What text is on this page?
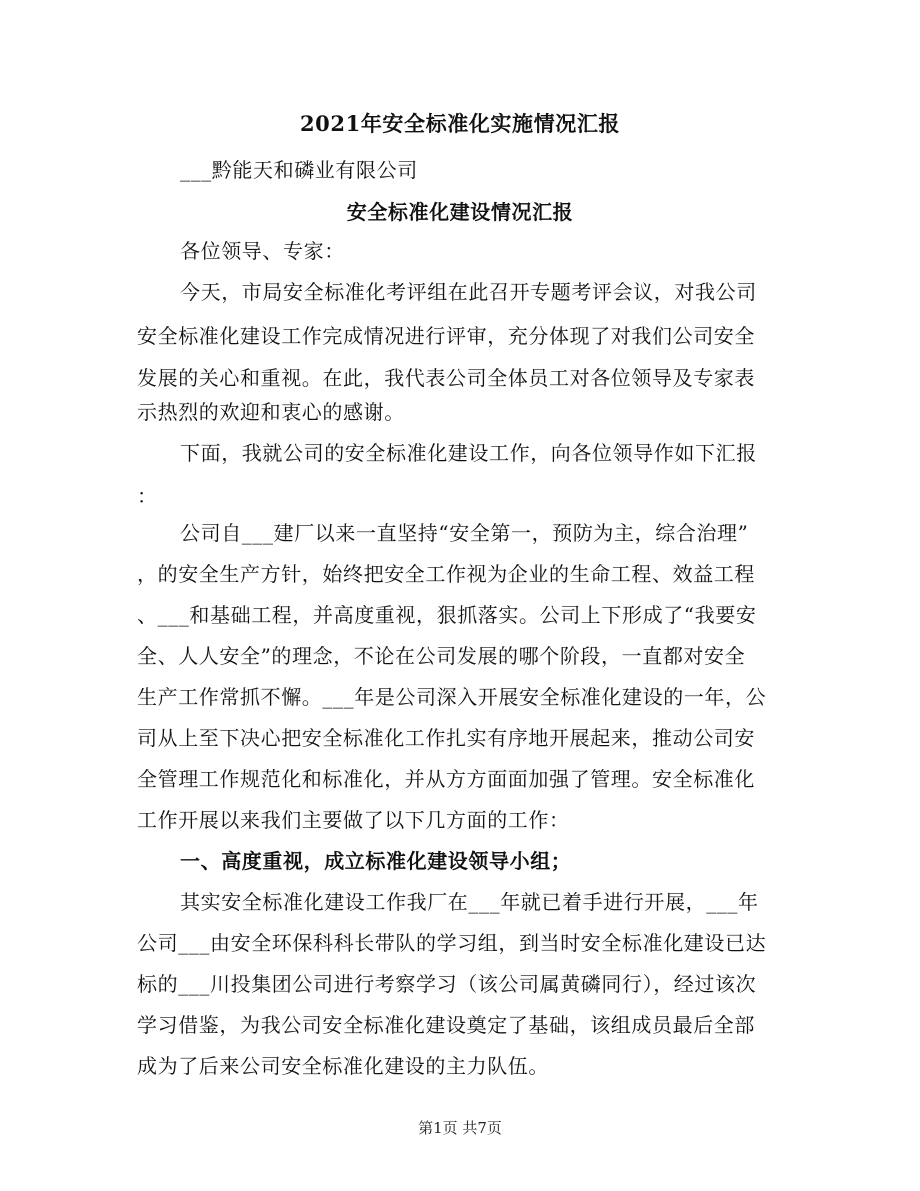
2021年安全标准化实施情况汇报
___黔能天和磷业有限公司
安全标准化建设情况汇报
各位领导、专家：
今天，市局安全标准化考评组在此召开专题考评会议，对我公司
安全标准化建设工作完成情况进行评审，充分体现了对我们公司安全
发展的关心和重视。在此，我代表公司全体员工对各位领导及专家表
示热烈的欢迎和衷心的感谢。
下面，我就公司的安全标准化建设工作，向各位领导作如下汇报
：
公司自___建厂以来一直坚持“安全第一，预防为主，综合治理”
，的安全生产方针，始终把安全工作视为企业的生命工程、效益工程
、___和基础工程，并高度重视，狠抓落实。公司上下形成了“我要安
全、人人安全”的理念，不论在公司发展的哪个阶段，一直都对安全
生产工作常抓不懈。___年是公司深入开展安全标准化建设的一年，公
司从上至下决心把安全标准化工作扎实有序地开展起来，推动公司安
全管理工作规范化和标准化，并从方方面面加强了管理。安全标准化
工作开展以来我们主要做了以下几方面的工作：
一、高度重视，成立标准化建设领导小组；
其实安全标准化建设工作我厂在___年就已着手进行开展，___年
公司___由安全环保科科长带队的学习组，到当时安全标准化建设已达
标的___川投集团公司进行考察学习（该公司属黄磷同行），经过该次
学习借鉴，为我公司安全标准化建设奠定了基础，该组成员最后全部
成为了后来公司安全标准化建设的主力队伍。
第1页 共7页
